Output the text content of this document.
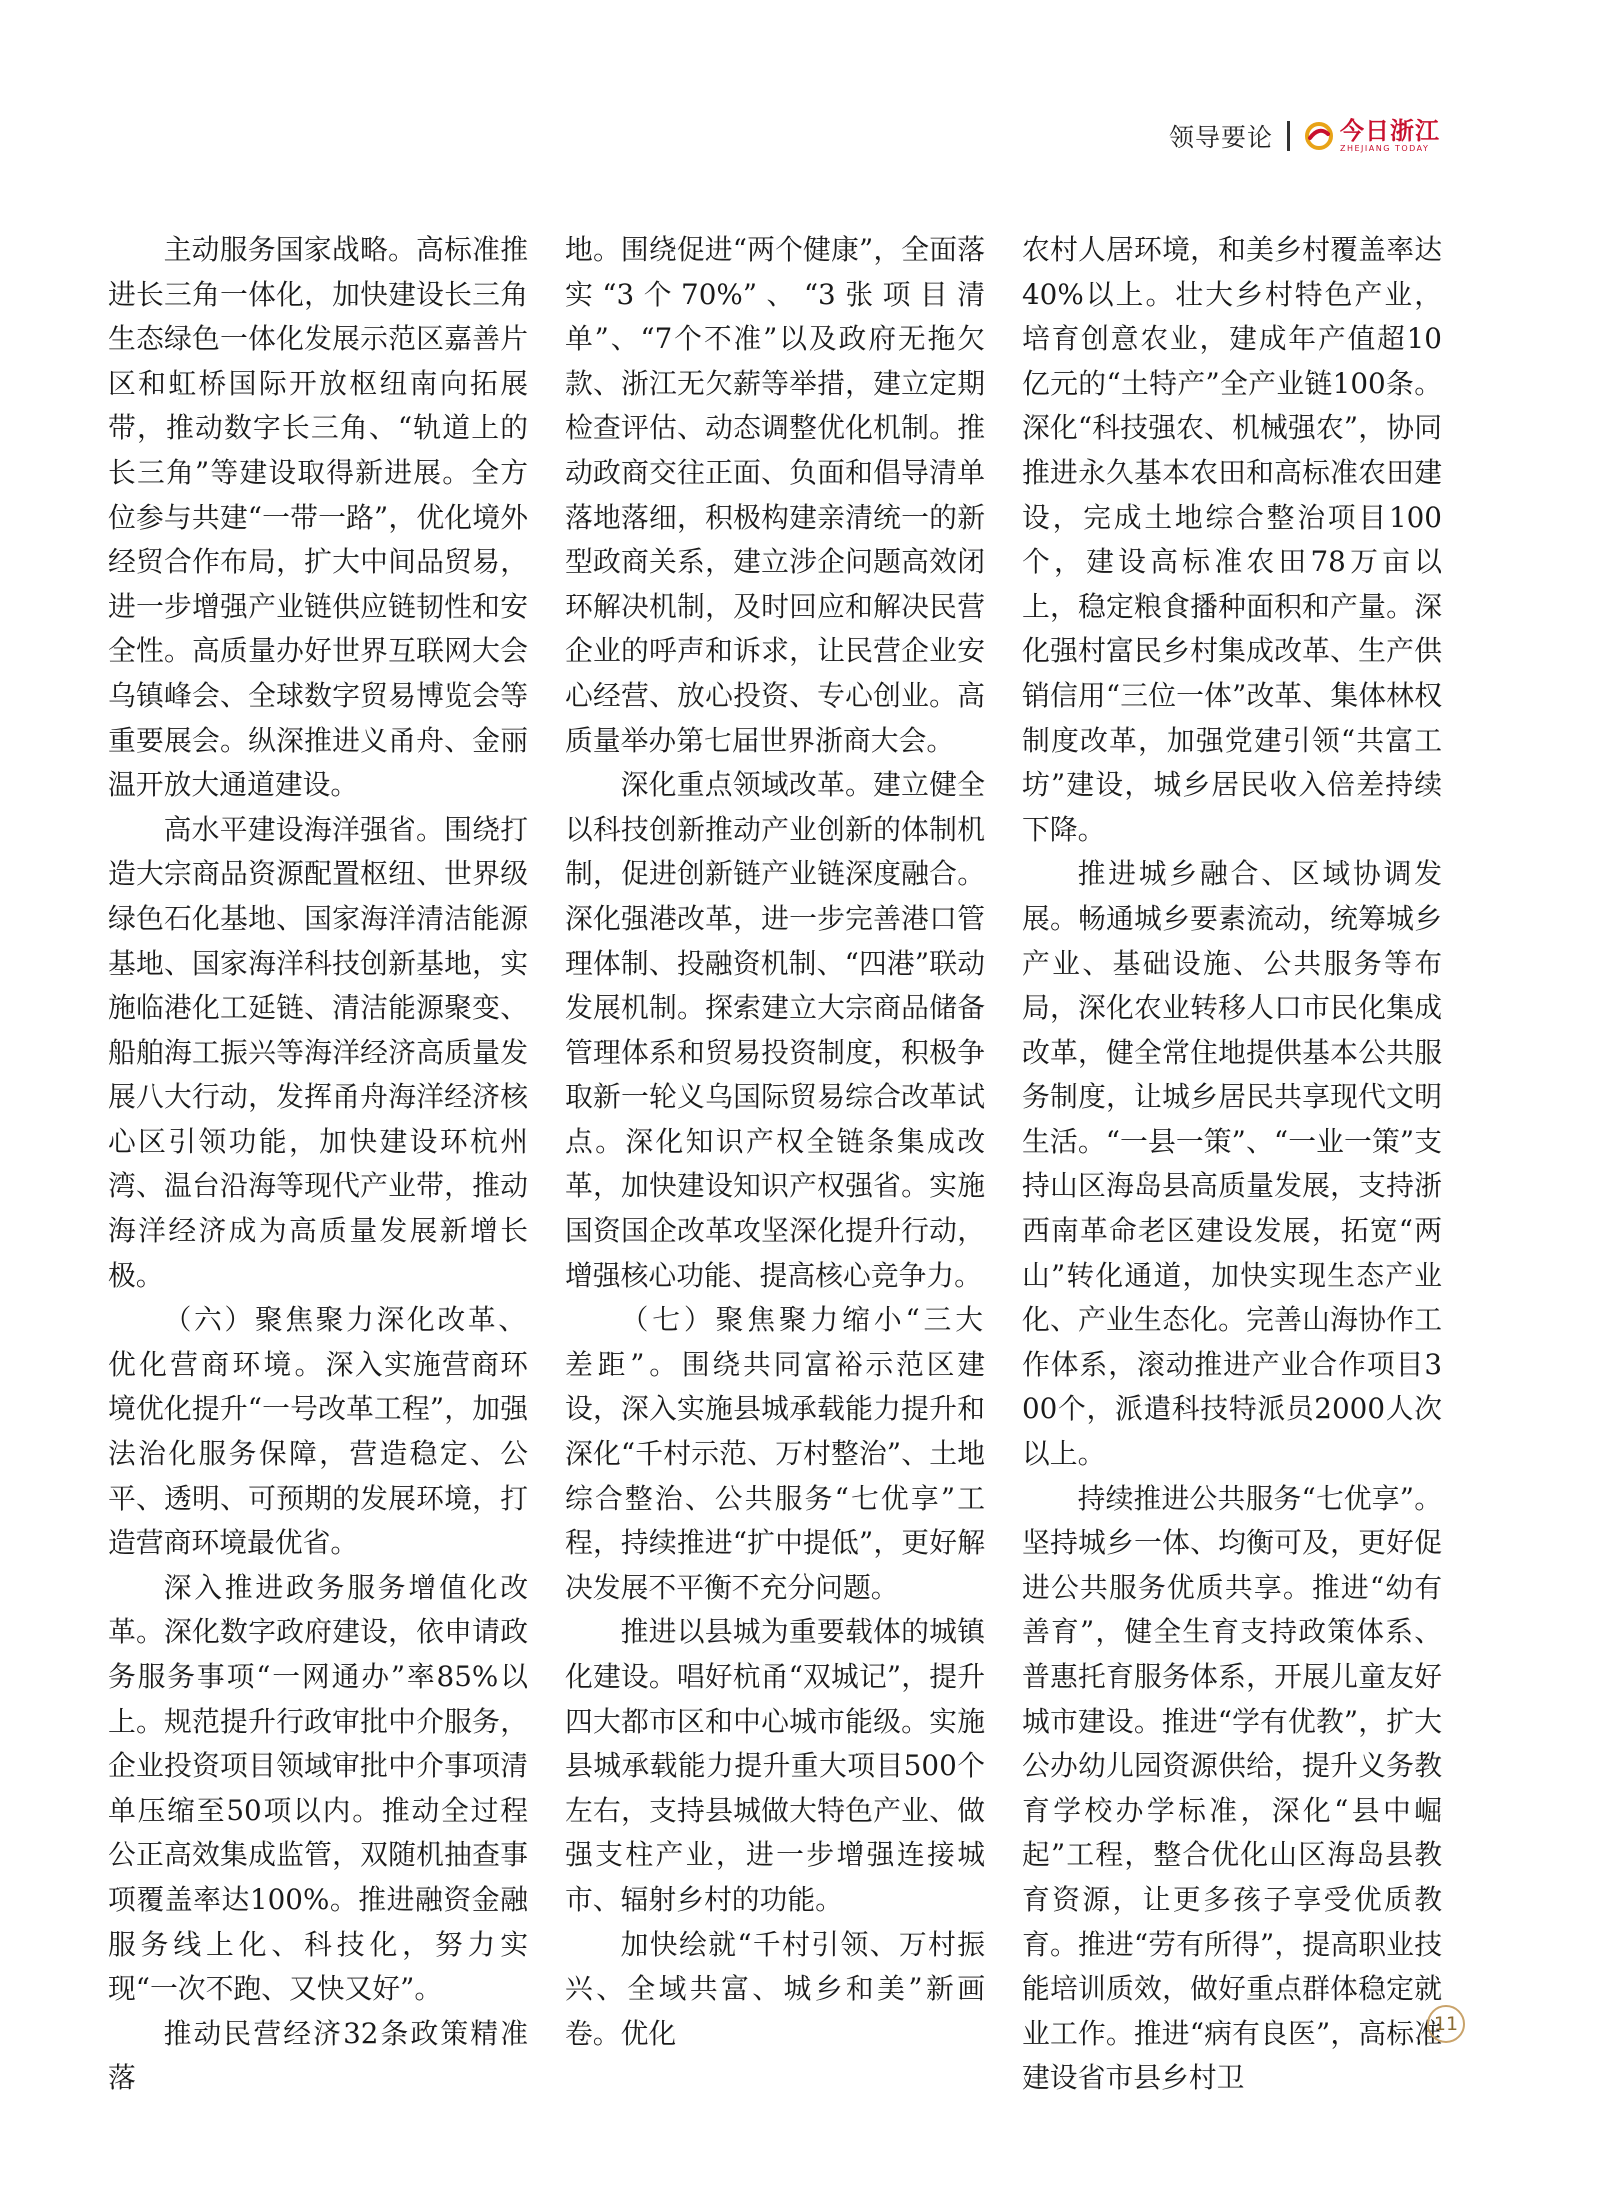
领导要论	今日浙江
ZHEJIANG TODAY

主动服务国家战略。高标准推进长三角一体化，加快建设长三角生态绿色一体化发展示范区嘉善片区和虹桥国际开放枢纽南向拓展带，推动数字长三角、“轨道上的长三角”等建设取得新进展。全方位参与共建“一带一路”，优化境外经贸合作布局，扩大中间品贸易，进一步增强产业链供应链韧性和安全性。高质量办好世界互联网大会乌镇峰会、全球数字贸易博览会等重要展会。纵深推进义甬舟、金丽温开放大通道建设。

高水平建设海洋强省。围绕打造大宗商品资源配置枢纽、世界级绿色石化基地、国家海洋清洁能源基地、国家海洋科技创新基地，实施临港化工延链、清洁能源聚变、船舶海工振兴等海洋经济高质量发展八大行动，发挥甬舟海洋经济核心区引领功能，加快建设环杭州湾、温台沿海等现代产业带，推动海洋经济成为高质量发展新增长极。

（六）聚焦聚力深化改革、优化营商环境。深入实施营商环境优化提升“一号改革工程”，加强法治化服务保障，营造稳定、公平、透明、可预期的发展环境，打造营商环境最优省。

深入推进政务服务增值化改革。深化数字政府建设，依申请政务服务事项“一网通办”率85%以上。规范提升行政审批中介服务，企业投资项目领域审批中介事项清单压缩至50项以内。推动全过程公正高效集成监管，双随机抽查事项覆盖率达100%。推进融资金融服务线上化、科技化，努力实现“一次不跑、又快又好”。

推动民营经济32条政策精准落

地。围绕促进“两个健康”，全面落实“3个70%”、“3张项目清单”、“7个不准”以及政府无拖欠款、浙江无欠薪等举措，建立定期检查评估、动态调整优化机制。推动政商交往正面、负面和倡导清单落地落细，积极构建亲清统一的新型政商关系，建立涉企问题高效闭环解决机制，及时回应和解决民营企业的呼声和诉求，让民营企业安心经营、放心投资、专心创业。高质量举办第七届世界浙商大会。

深化重点领域改革。建立健全以科技创新推动产业创新的体制机制，促进创新链产业链深度融合。深化强港改革，进一步完善港口管理体制、投融资机制、“四港”联动发展机制。探索建立大宗商品储备管理体系和贸易投资制度，积极争取新一轮义乌国际贸易综合改革试点。深化知识产权全链条集成改革，加快建设知识产权强省。实施国资国企改革攻坚深化提升行动，增强核心功能、提高核心竞争力。

（七）聚焦聚力缩小“三大差距”。围绕共同富裕示范区建设，深入实施县城承载能力提升和深化“千村示范、万村整治”、土地综合整治、公共服务“七优享”工程，持续推进“扩中提低”，更好解决发展不平衡不充分问题。

推进以县城为重要载体的城镇化建设。唱好杭甬“双城记”，提升四大都市区和中心城市能级。实施县城承载能力提升重大项目500个左右，支持县城做大特色产业、做强支柱产业，进一步增强连接城市、辐射乡村的功能。

加快绘就“千村引领、万村振兴、全域共富、城乡和美”新画卷。优化

农村人居环境，和美乡村覆盖率达40%以上。壮大乡村特色产业，培育创意农业，建成年产值超10亿元的“土特产”全产业链100条。深化“科技强农、机械强农”，协同推进永久基本农田和高标准农田建设，完成土地综合整治项目100个，建设高标准农田78万亩以上，稳定粮食播种面积和产量。深化强村富民乡村集成改革、生产供销信用“三位一体”改革、集体林权制度改革，加强党建引领“共富工坊”建设，城乡居民收入倍差持续下降。

推进城乡融合、区域协调发展。畅通城乡要素流动，统筹城乡产业、基础设施、公共服务等布局，深化农业转移人口市民化集成改革，健全常住地提供基本公共服务制度，让城乡居民共享现代文明生活。“一县一策”、“一业一策”支持山区海岛县高质量发展，支持浙西南革命老区建设发展，拓宽“两山”转化通道，加快实现生态产业化、产业生态化。完善山海协作工作体系，滚动推进产业合作项目300个，派遣科技特派员2000人次以上。

持续推进公共服务“七优享”。坚持城乡一体、均衡可及，更好促进公共服务优质共享。推进“幼有善育”，健全生育支持政策体系、普惠托育服务体系，开展儿童友好城市建设。推进“学有优教”，扩大公办幼儿园资源供给，提升义务教育学校办学标准，深化“县中崛起”工程，整合优化山区海岛县教育资源，让更多孩子享受优质教育。推进“劳有所得”，提高职业技能培训质效，做好重点群体稳定就业工作。推进“病有良医”，高标准建设省市县乡村卫

11
